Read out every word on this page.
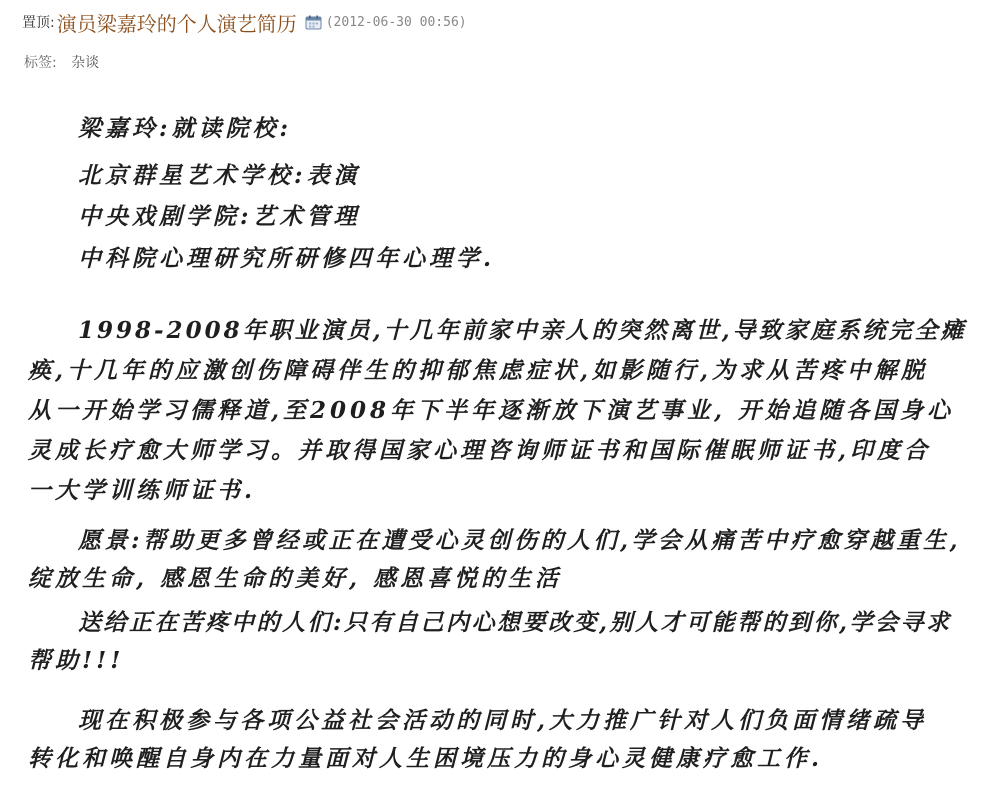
置顶: 演员梁嘉玲的个人演艺简历 (2012-06-30 00:56)
标签: 杂谈
梁嘉玲:就读院校:
北京群星艺术学校:表演
中央戏剧学院:艺术管理
中科院心理研究所研修四年心理学.
1998-2008年职业演员,十几年前家中亲人的突然离世,导致家庭系统完全瘫
痪,十几年的应激创伤障碍伴生的抑郁焦虑症状,如影随行,为求从苦疼中解脱
从一开始学习儒释道,至2008年下半年逐渐放下演艺事业, 开始追随各国身心
灵成长疗愈大师学习。并取得国家心理咨询师证书和国际催眠师证书,印度合
一大学训练师证书.
愿景:帮助更多曾经或正在遭受心灵创伤的人们,学会从痛苦中疗愈穿越重生,
绽放生命, 感恩生命的美好, 感恩喜悦的生活
送给正在苦疼中的人们:只有自己内心想要改变,别人才可能帮的到你,学会寻求
帮助!!!
现在积极参与各项公益社会活动的同时,大力推广针对人们负面情绪疏导
转化和唤醒自身内在力量面对人生困境压力的身心灵健康疗愈工作.
